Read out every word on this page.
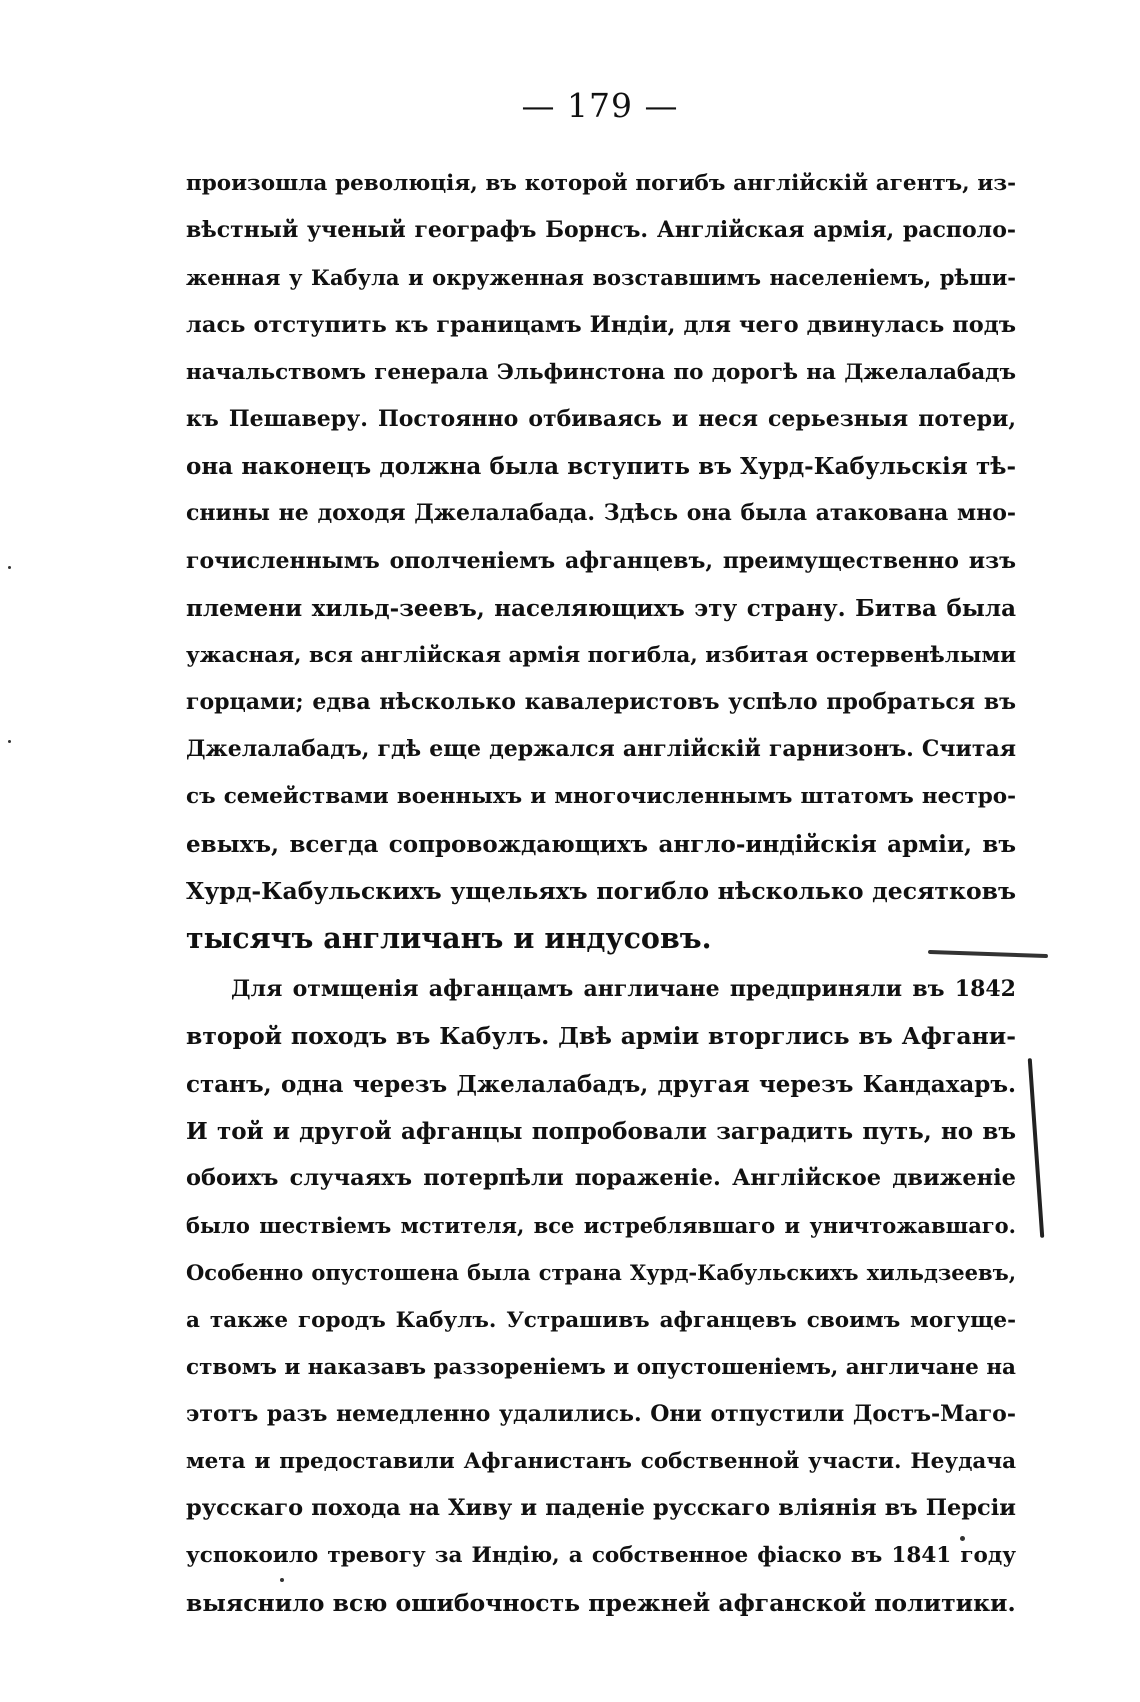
— 179 —
произошла революція, въ которой погибъ англійскій агентъ, из-
вѣстный ученый географъ Борнсъ. Англійская армія, располо-
женная у Кабула и окруженная возставшимъ населеніемъ, рѣши-
лась отступить къ границамъ Индіи, для чего двинулась подъ
начальствомъ генерала Эльфинстона по дорогѣ на Джелалабадъ
къ Пешаверу. Постоянно отбиваясь и неся серьезныя потери,
она наконецъ должна была вступить въ Хурд-Кабульскія тѣ-
снины не доходя Джелалабада. Здѣсь она была атакована мно-
гочисленнымъ ополченіемъ афганцевъ, преимущественно изъ
племени хильд-зеевъ, населяющихъ эту страну. Битва была
ужасная, вся англійская армія погибла, избитая остервенѣлыми
горцами; едва нѣсколько кавалеристовъ успѣло пробраться въ
Джелалабадъ, гдѣ еще держался англійскій гарнизонъ. Считая
съ семействами военныхъ и многочисленнымъ штатомъ нестро-
евыхъ, всегда сопровождающихъ англо-индійскія арміи, въ
Хурд-Кабульскихъ ущельяхъ погибло нѣсколько десятковъ
тысячъ англичанъ и индусовъ.
Для отмщенія афганцамъ англичане предприняли въ 1842
второй походъ въ Кабулъ. Двѣ арміи вторглись въ Афгани-
станъ, одна черезъ Джелалабадъ, другая черезъ Кандахаръ.
И той и другой афганцы попробовали заградить путь, но въ
обоихъ случаяхъ потерпѣли пораженіе. Англійское движеніе
было шествіемъ мстителя, все истреблявшаго и уничтожавшаго.
Особенно опустошена была страна Хурд-Кабульскихъ хильдзеевъ,
а также городъ Кабулъ. Устрашивъ афганцевъ своимъ могуще-
ствомъ и наказавъ раззореніемъ и опустошеніемъ, англичане на
этотъ разъ немедленно удалились. Они отпустили Достъ-Маго-
мета и предоставили Афганистанъ собственной участи. Неудача
русскаго похода на Хиву и паденіе русскаго вліянія въ Персіи
успокоило тревогу за Индію, а собственное фіаско въ 1841 году
выяснило всю ошибочность прежней афганской политики.
